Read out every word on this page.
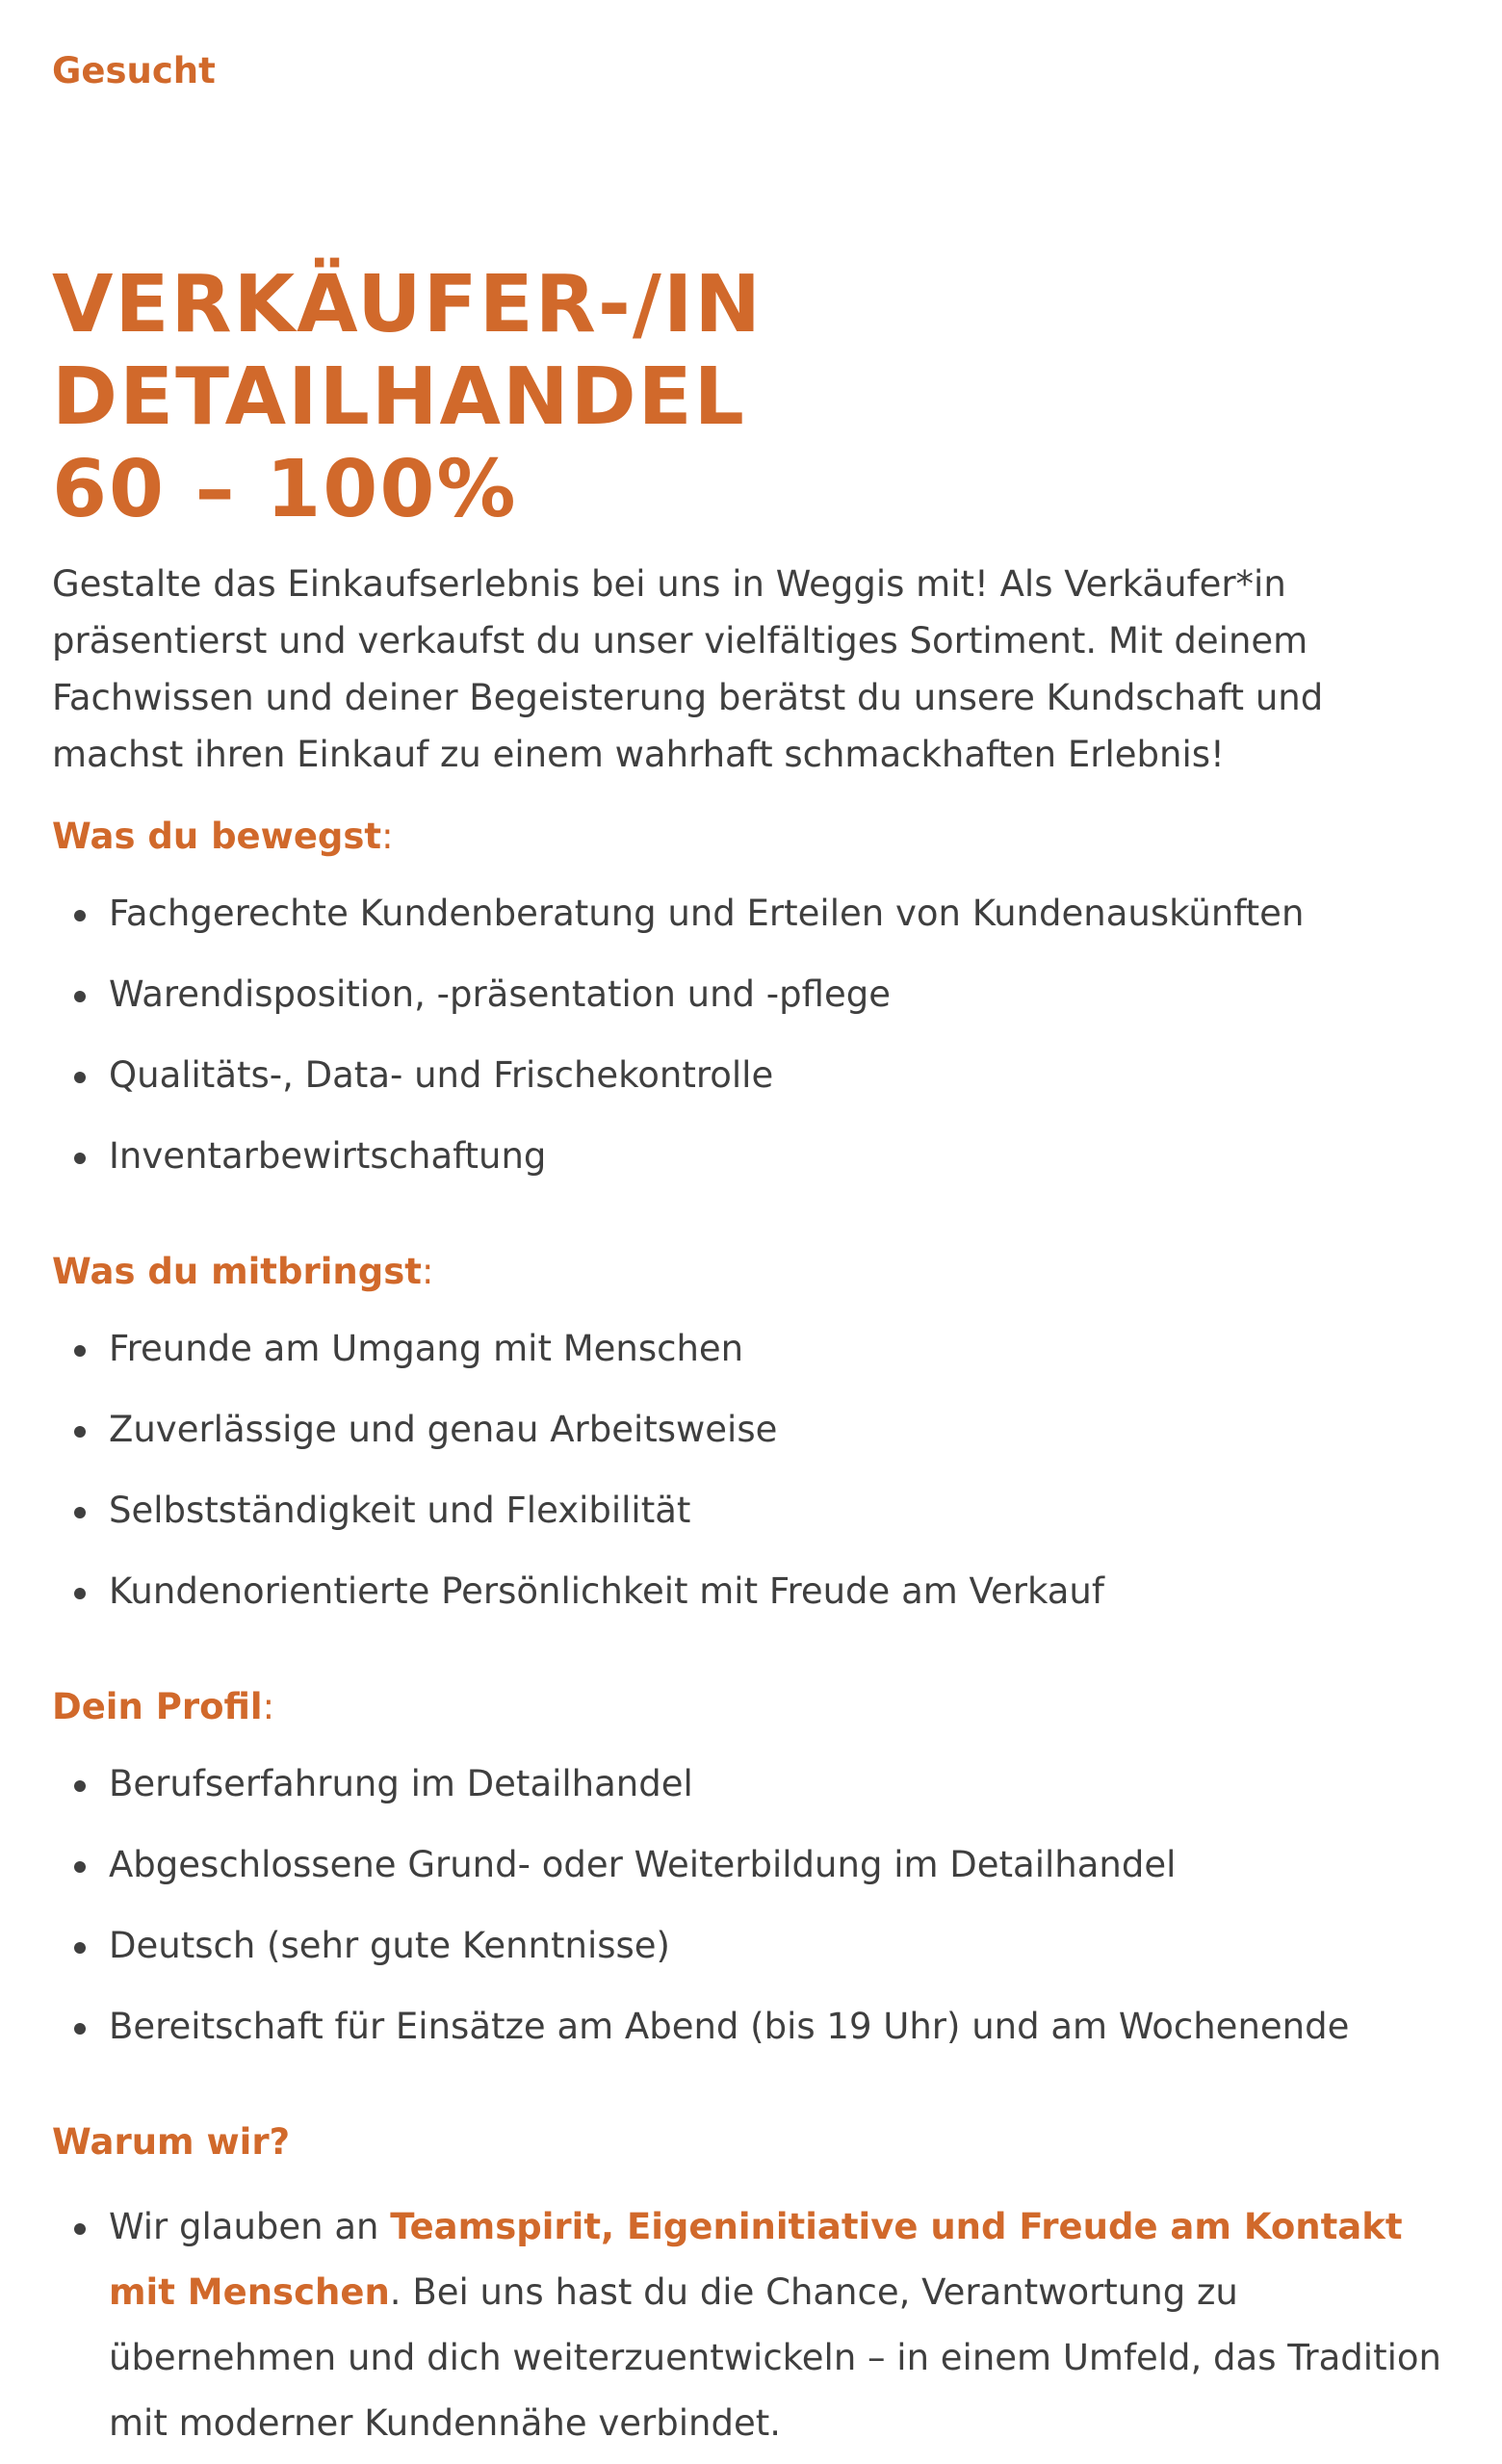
Gesucht

VERKÄUFER-/IN DETAILHANDEL
60 – 100%

Gestalte das Einkaufserlebnis bei uns in Weggis mit! Als Verkäufer*in präsentierst und verkaufst du unser vielfältiges Sortiment. Mit deinem Fachwissen und deiner Begeisterung berätst du unsere Kundschaft und machst ihren Einkauf zu einem wahrhaft schmackhaften Erlebnis!

Was du bewegst:
Fachgerechte Kundenberatung und Erteilen von Kundenauskünften
Warendisposition, -präsentation und -pflege
Qualitäts-, Data- und Frischekontrolle
Inventarbewirtschaftung
Was du mitbringst:
Freunde am Umgang mit Menschen
Zuverlässige und genau Arbeitsweise
Selbstständigkeit und Flexibilität
Kundenorientierte Persönlichkeit mit Freude am Verkauf
Dein Profil:
Berufserfahrung im Detailhandel
Abgeschlossene Grund- oder Weiterbildung im Detailhandel
Deutsch (sehr gute Kenntnisse)
Bereitschaft für Einsätze am Abend (bis 19 Uhr) und am Wochenende
Warum wir?
Wir glauben an Teamspirit, Eigeninitiative und Freude am Kontakt mit Menschen. Bei uns hast du die Chance, Verantwortung zu übernehmen und dich weiterzuentwickeln – in einem Umfeld, das Tradition mit moderner Kundennähe verbindet.
